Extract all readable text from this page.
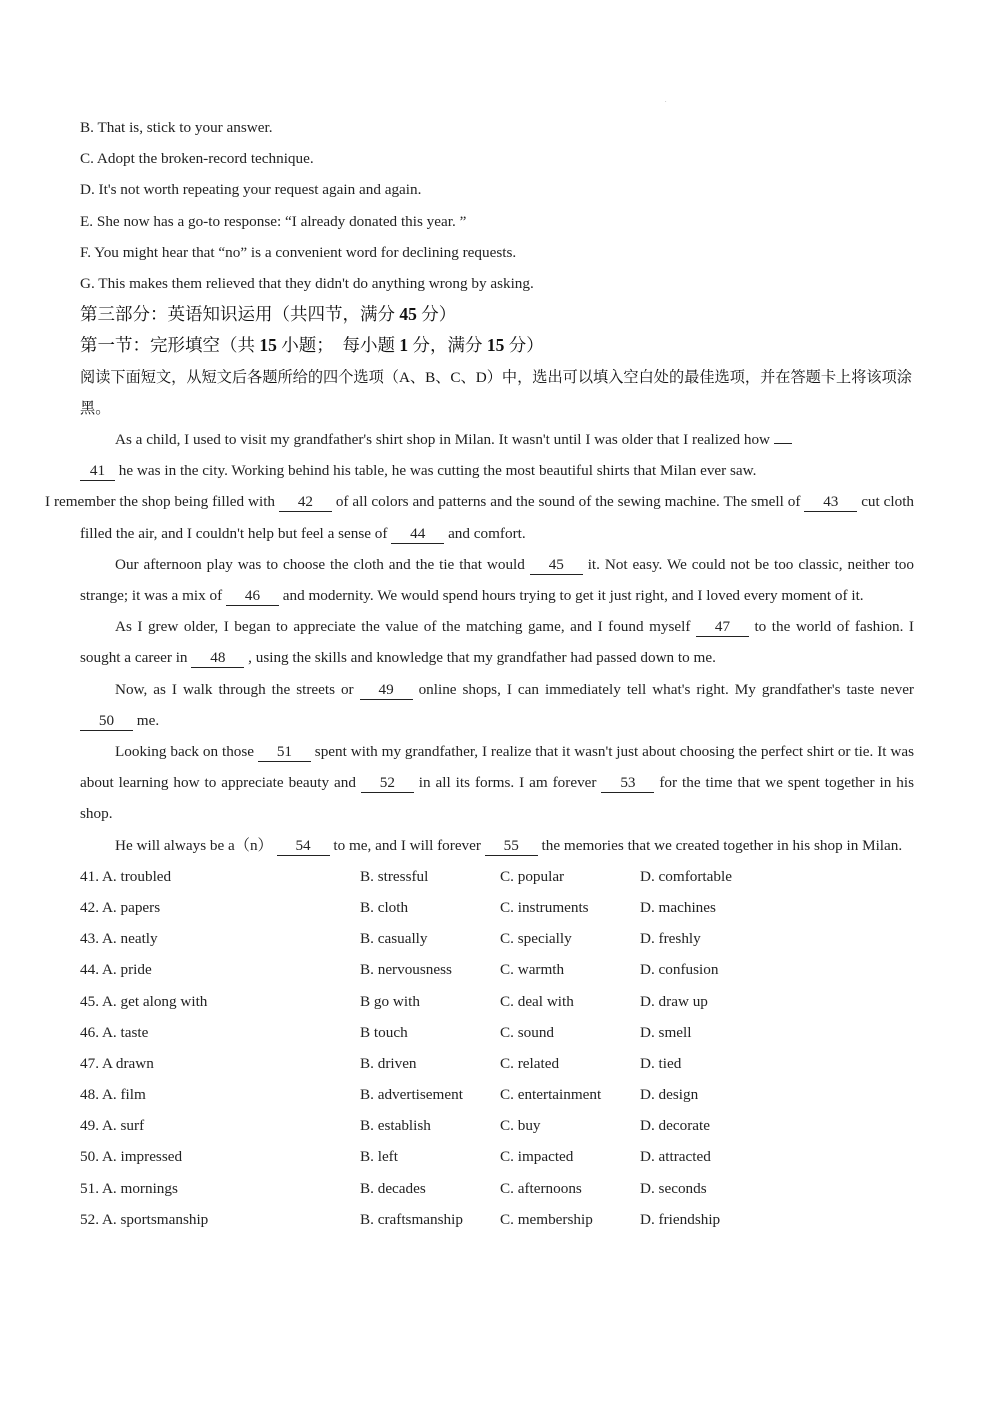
.
B. That is, stick to your answer.
C. Adopt the broken-record technique.
D. It's not worth repeating your request again and again.
E. She now has a go-to response: “I already donated this year. ”
F. You might hear that “no” is a convenient word for declining requests.
G. This makes them relieved that they didn't do anything wrong by asking.
第三部分：英语知识运用（共四节，满分 45 分）
第一节：完形填空（共 15 小题；　每小题 1 分，满分 15 分）
阅读下面短文，从短文后各题所给的四个选项（A、B、C、D）中，选出可以填入空白处的最佳选项，并在答题卡上将该项涂黑。
As a child, I used to visit my grandfather's shirt shop in Milan. It wasn't until I was older that I realized how
41 he was in the city. Working behind his table, he was cutting the most beautiful shirts that Milan ever saw.
I remember the shop being filled with 42 of all colors and patterns and the sound of the sewing machine. The smell of 43 cut cloth filled the air, and I couldn't help but feel a sense of 44 and comfort.
Our afternoon play was to choose the cloth and the tie that would 45 it. Not easy. We could not be too classic, neither too strange; it was a mix of 46 and modernity. We would spend hours trying to get it just right, and I loved every moment of it.
As I grew older, I began to appreciate the value of the matching game, and I found myself 47 to the world of fashion. I sought a career in 48 , using the skills and knowledge that my grandfather had passed down to me.
Now, as I walk through the streets or 49 online shops, I can immediately tell what's right. My grandfather's taste never 50 me.
Looking back on those 51 spent with my grandfather, I realize that it wasn't just about choosing the perfect shirt or tie. It was about learning how to appreciate beauty and 52 in all its forms. I am forever 53 for the time that we spent together in his shop.
He will always be a（n） 54 to me, and I will forever 55 the memories that we created together in his shop in Milan.
41. A. troubled	B. stressful	C. popular	D. comfortable
42. A. papers	B. cloth	C. instruments	D. machines
43. A. neatly	B. casually	C. specially	D. freshly
44. A. pride	B. nervousness	C. warmth	D. confusion
45. A. get along with	B go with	C. deal with	D. draw up
46. A. taste	B touch	C. sound	D. smell
47. A drawn	B. driven	C. related	D. tied
48. A. film	B. advertisement C. entertainment	D. design
49. A. surf	B. establish	C. buy	D. decorate
50. A. impressed	B. left	C. impacted	D. attracted
51. A. mornings	B. decades	C. afternoons	D. seconds
52. A. sportsmanship	B. craftsmanship C. membership	D. friendship
